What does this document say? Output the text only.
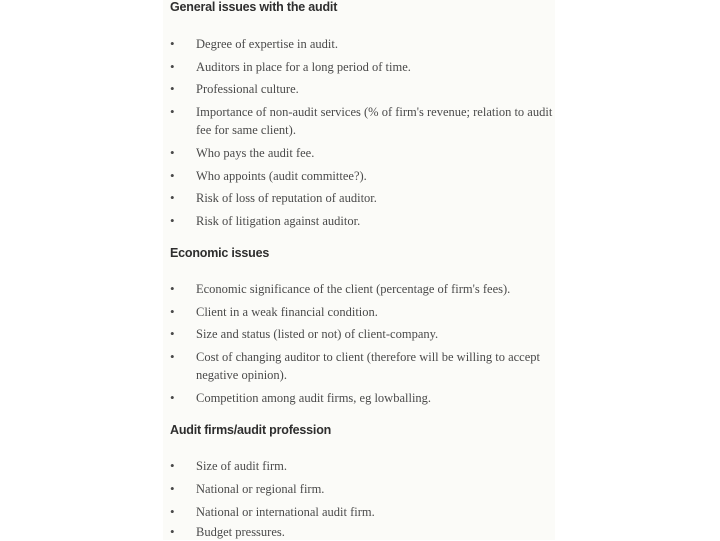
General issues with the audit
• Degree of expertise in audit.
• Auditors in place for a long period of time.
• Professional culture.
• Importance of non-audit services (% of firm's revenue; relation to audit fee for same client).
• Who pays the audit fee.
• Who appoints (audit committee?).
• Risk of loss of reputation of auditor.
• Risk of litigation against auditor.
Economic issues
• Economic significance of the client (percentage of firm's fees).
• Client in a weak financial condition.
• Size and status (listed or not) of client-company.
• Cost of changing auditor to client (therefore will be willing to accept negative opinion).
• Competition among audit firms, eg lowballing.
Audit firms/audit profession
• Size of audit firm.
• National or regional firm.
• National or international audit firm.
• Budget pressures.
